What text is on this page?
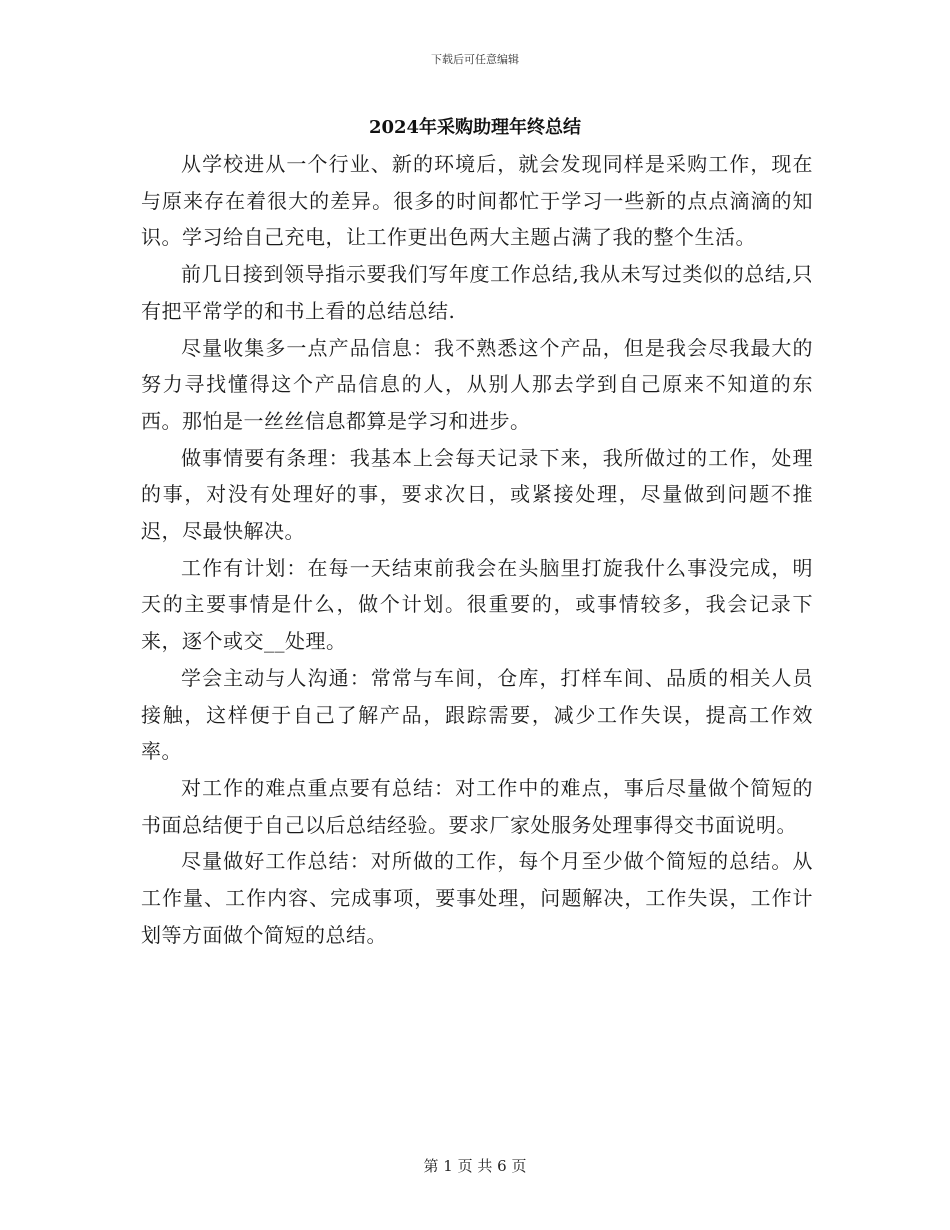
下载后可任意编辑
2024年采购助理年终总结

从学校进从一个行业、新的环境后，就会发现同样是采购工作，现在与原来存在着很大的差异。很多的时间都忙于学习一些新的点点滴滴的知识。学习给自己充电，让工作更出色两大主题占满了我的整个生活。

前几日接到领导指示要我们写年度工作总结,我从未写过类似的总结,只有把平常学的和书上看的总结总结.

尽量收集多一点产品信息：我不熟悉这个产品，但是我会尽我最大的努力寻找懂得这个产品信息的人，从别人那去学到自己原来不知道的东西。那怕是一丝丝信息都算是学习和进步。

做事情要有条理：我基本上会每天记录下来，我所做过的工作，处理的事，对没有处理好的事，要求次日，或紧接处理，尽量做到问题不推迟，尽最快解决。

工作有计划：在每一天结束前我会在头脑里打旋我什么事没完成，明天的主要事情是什么，做个计划。很重要的，或事情较多，我会记录下来，逐个或交__处理。

学会主动与人沟通：常常与车间，仓库，打样车间、品质的相关人员接触，这样便于自己了解产品，跟踪需要，减少工作失误，提高工作效率。

对工作的难点重点要有总结：对工作中的难点，事后尽量做个简短的书面总结便于自己以后总结经验。要求厂家处服务处理事得交书面说明。

尽量做好工作总结：对所做的工作，每个月至少做个简短的总结。从工作量、工作内容、完成事项，要事处理，问题解决，工作失误，工作计划等方面做个简短的总结。

第 1 页 共 6 页
